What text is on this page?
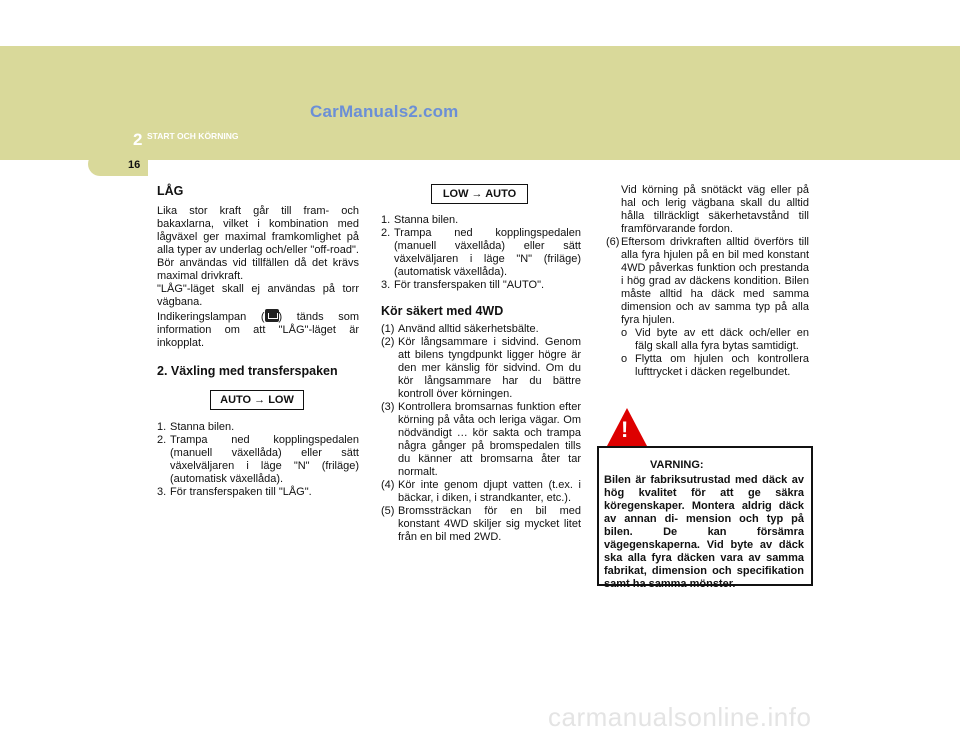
CarManuals2.com
2 START OCH KÖRNING
16

LÅG

Lika stor kraft går till fram- och bakaxlarna, vilket i kombination med lågväxel ger maximal framkomlighet på alla typer av underlag och/eller "off-road". Bör användas vid tillfällen då det krävs maximal drivkraft.

"LÅG"-läget skall ej användas på torr vägbana.

Indikeringslampan ( ) tänds som information om att "LÅG"-läget är inkopplat.

2. Växling med transferspaken

AUTO → LOW
1. Stanna bilen.
2. Trampa ned kopplingspedalen (manuell växellåda) eller sätt växelväljaren i läge "N" (friläge) (automatisk växellåda).
3. För transferspaken till "LÅG".
LOW → AUTO
1. Stanna bilen.
2. Trampa ned kopplingspedalen (manuell växellåda) eller sätt växelväljaren i läge "N" (friläge) (automatisk växellåda).
3. För transferspaken till "AUTO".

Kör säkert med 4WD

(1) Använd alltid säkerhetsbälte.
(2) Kör långsammare i sidvind. Genom att bilens tyngdpunkt ligger högre är den mer känslig för sidvind. Om du kör långsammare har du bättre kontroll över körningen.
(3) Kontrollera bromsarnas funktion efter körning på våta och leriga vägar. Om nödvändigt … kör sakta och trampa några gånger på bromspedalen tills du känner att bromsarna åter tar normalt.
(4) Kör inte genom djupt vatten (t.ex. i bäckar, i diken, i strandkanter, etc.).
(5) Bromssträckan för en bil med konstant 4WD skiljer sig mycket litet från en bil med 2WD.

Vid körning på snötäckt väg eller på hal och lerig vägbana skall du alltid hålla tillräckligt säkerhetavstånd till framförvarande fordon.

(6) Eftersom drivkraften alltid överförs till alla fyra hjulen på en bil med konstant 4WD påverkas funktion och prestanda i hög grad av däckens kondition. Bilen måste alltid ha däck med samma dimension och av samma typ på alla fyra hjulen.
o Vid byte av ett däck och/eller en fälg skall alla fyra bytas samtidigt.
o Flytta om hjulen och kontrollera lufttrycket i däcken regelbundet.
!
VARNING:
Bilen är fabriksutrustad med däck av hög kvalitet för att ge säkra köregenskaper. Montera aldrig däck av annan di- mension och typ på bilen. De kan försämra vägegenskaperna. Vid byte av däck ska alla fyra däcken vara av samma fabrikat, dimension och specifikation samt ha samma mönster.
carmanualsonline.info
